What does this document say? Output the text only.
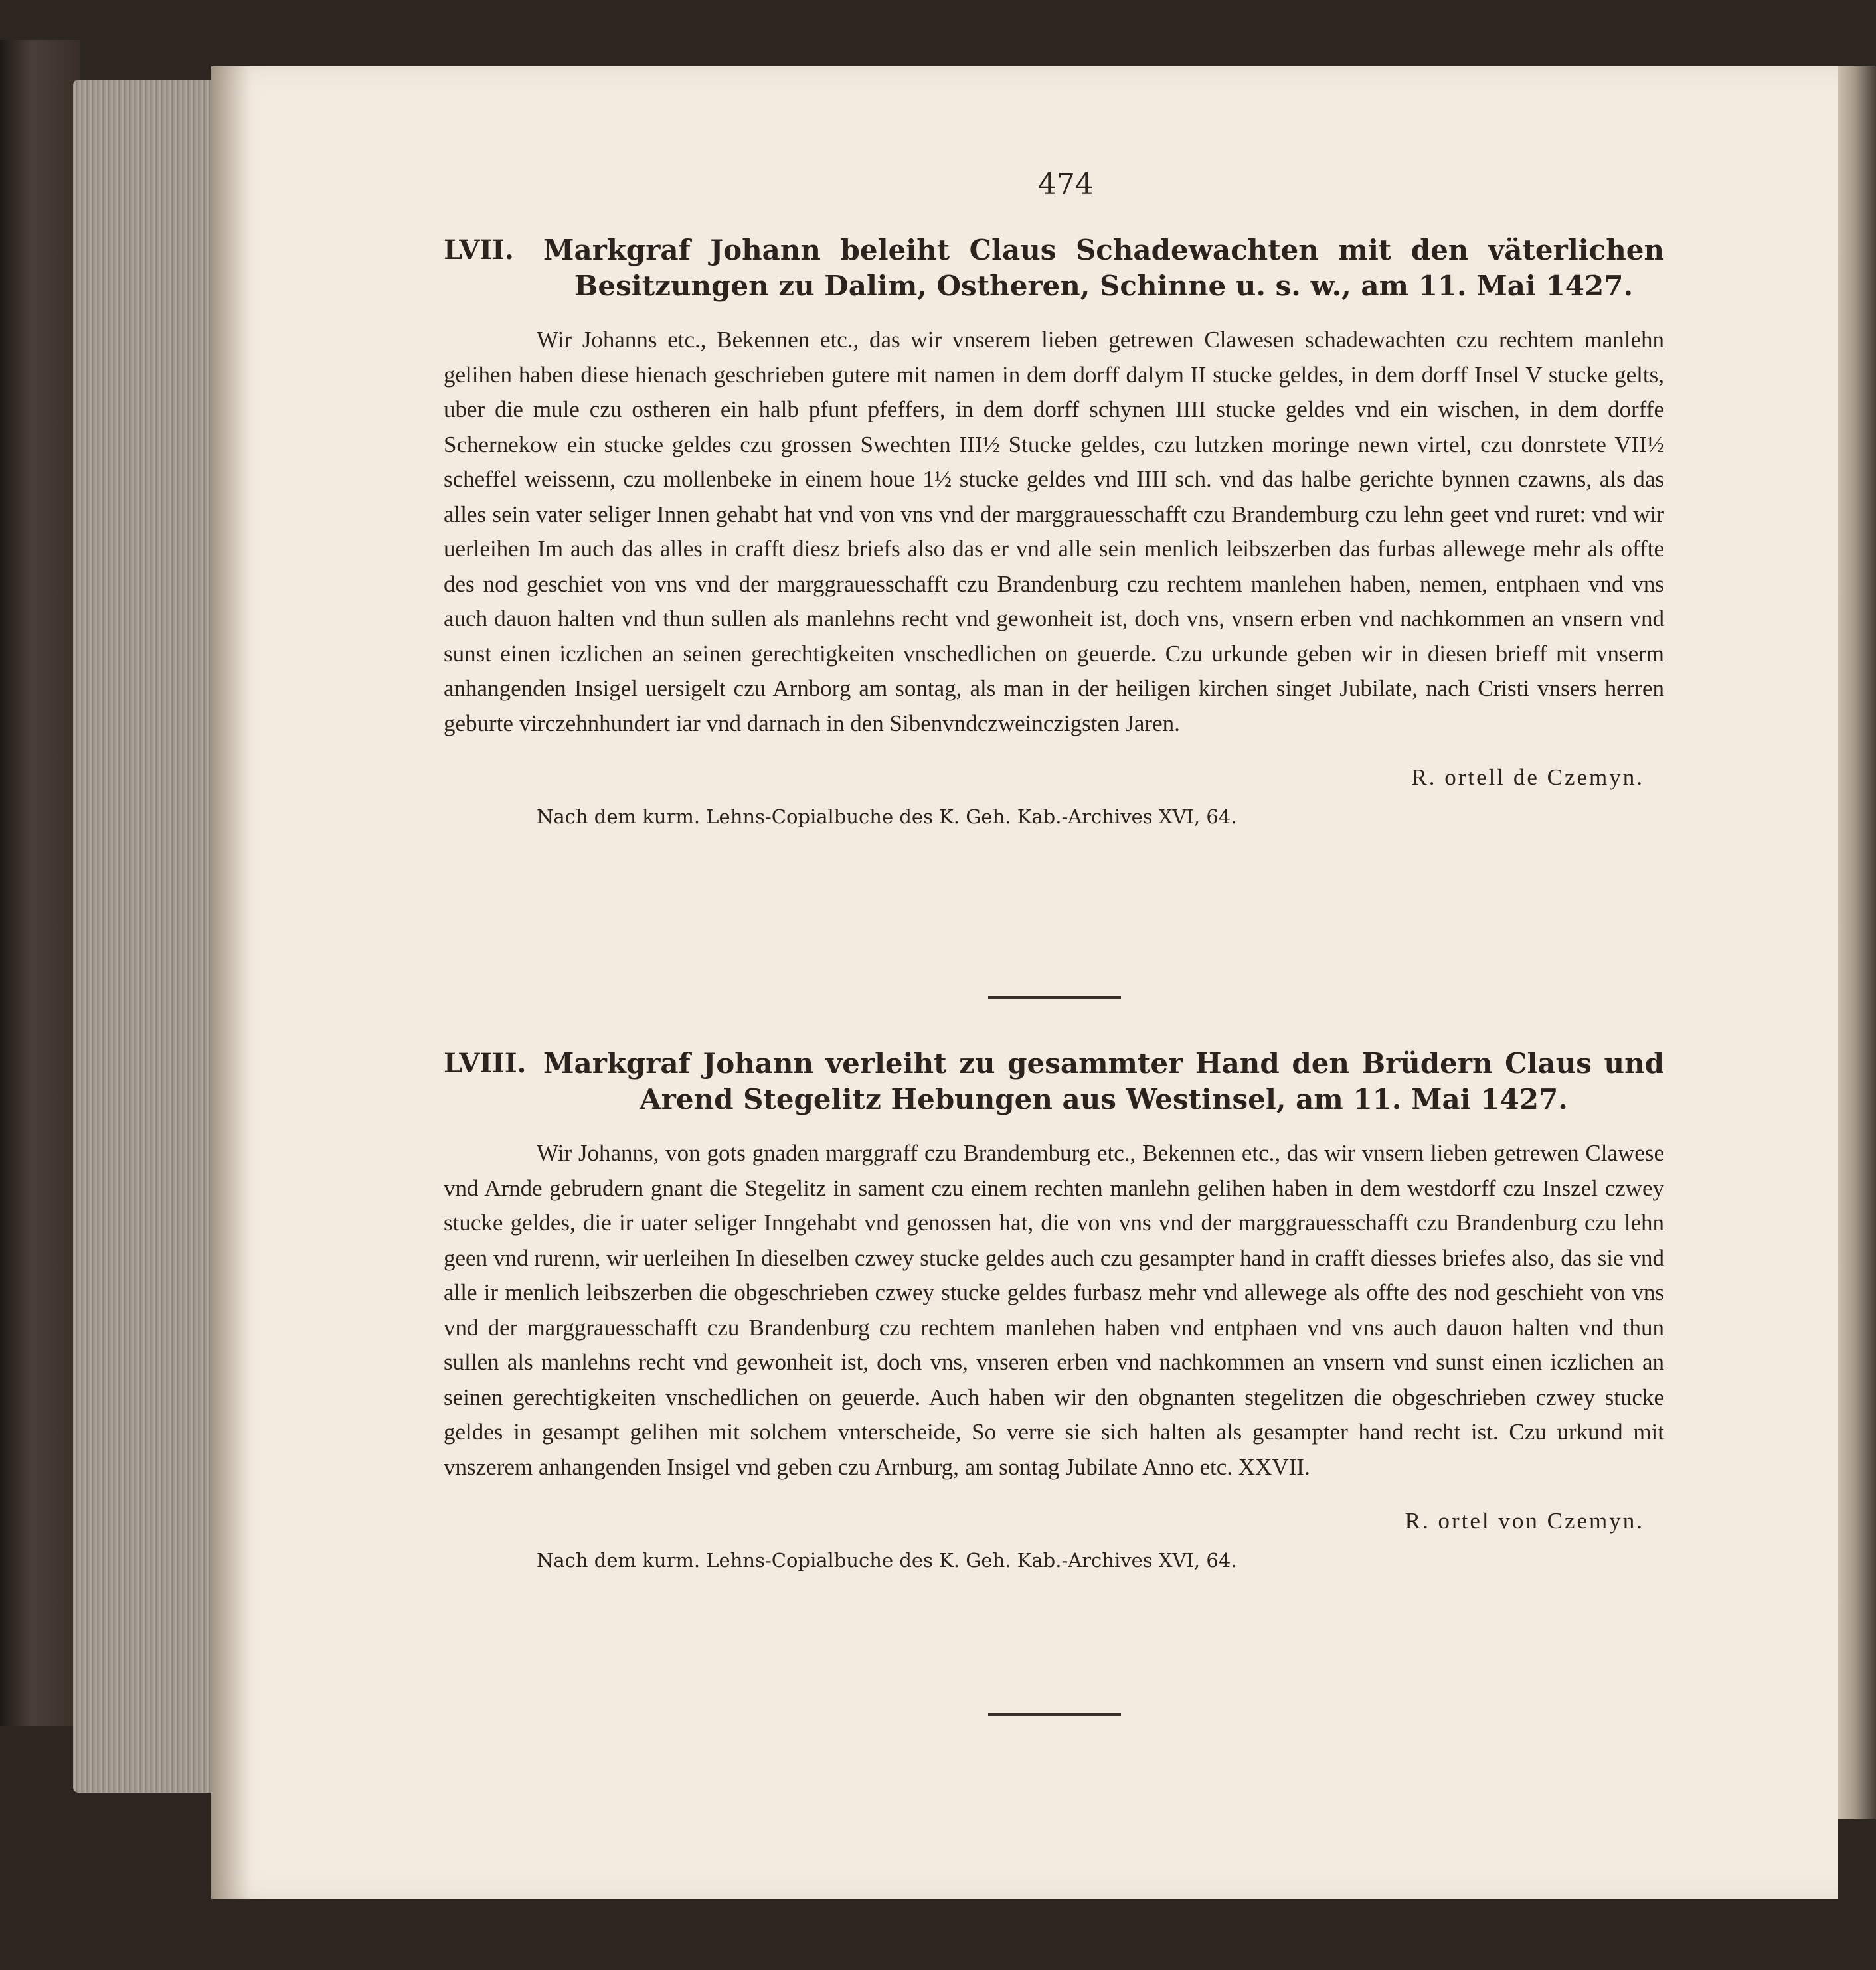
474
LVII.	Markgraf Johann beleiht Claus Schadewachten mit den väterlichen Besitzungen zu Dalim, Ostheren, Schinne u. s. w., am 11. Mai 1427.

Wir Johanns etc., Bekennen etc., das wir vnserem lieben getrewen Clawesen schadewachten czu rechtem manlehn gelihen haben diese hienach geschrieben gutere mit namen in dem dorff dalym II stucke geldes, in dem dorff Insel V stucke gelts, uber die mule czu ostheren ein halb pfunt pfeffers, in dem dorff schynen IIII stucke geldes vnd ein wischen, in dem dorffe Schernekow ein stucke geldes czu grossen Swechten III½ Stucke geldes, czu lutzken moringe newn virtel, czu donrstete VII½ scheffel weissenn, czu mollenbeke in einem houe 1½ stucke geldes vnd IIII sch. vnd das halbe gerichte bynnen czawns, als das alles sein vater seliger Innen gehabt hat vnd von vns vnd der marggrauesschafft czu Brandemburg czu lehn geet vnd ruret: vnd wir uerleihen Im auch das alles in crafft diesz briefs also das er vnd alle sein menlich leibszerben das furbas allewege mehr als offte des nod geschiet von vns vnd der marggrauesschafft czu Brandenburg czu rechtem manlehen haben, nemen, entphaen vnd vns auch dauon halten vnd thun sullen als manlehns recht vnd gewonheit ist, doch vns, vnsern erben vnd nachkommen an vnsern vnd sunst einen iczlichen an seinen gerechtigkeiten vnschedlichen on geuerde. Czu urkunde geben wir in diesen brieff mit vnserm anhangenden Insigel uersigelt czu Arnborg am sontag, als man in der heiligen kirchen singet Jubilate, nach Cristi vnsers herren geburte virczehnhundert iar vnd darnach in den Sibenvndczweinczigsten Jaren.

R. ortell de Czemyn.
Nach dem kurm. Lehns-Copialbuche des K. Geh. Kab.-Archives XVI, 64.
LVIII. Markgraf Johann verleiht zu gesammter Hand den Brüdern Claus und Arend Stegelitz Hebungen aus Westinsel, am 11. Mai 1427.

Wir Johanns, von gots gnaden marggraff czu Brandemburg etc., Bekennen etc., das wir vnsern lieben getrewen Clawese vnd Arnde gebrudern gnant die Stegelitz in sament czu einem rechten manlehn gelihen haben in dem westdorff czu Inszel czwey stucke geldes, die ir uater seliger Inngehabt vnd genossen hat, die von vns vnd der marggrauesschafft czu Brandenburg czu lehn geen vnd rurenn, wir uerleihen In dieselben czwey stucke geldes auch czu gesampter hand in crafft diesses briefes also, das sie vnd alle ir menlich leibszerben die obgeschrieben czwey stucke geldes furbasz mehr vnd allewege als offte des nod geschieht von vns vnd der marggrauesschafft czu Brandenburg czu rechtem manlehen haben vnd entphaen vnd vns auch dauon halten vnd thun sullen als manlehns recht vnd gewonheit ist, doch vns, vnseren erben vnd nachkommen an vnsern vnd sunst einen iczlichen an seinen gerechtigkeiten vnschedlichen on geuerde. Auch haben wir den obgnanten stegelitzen die obgeschrieben czwey stucke geldes in gesampt gelihen mit solchem vnterscheide, So verre sie sich halten als gesampter hand recht ist. Czu urkund mit vnszerem anhangenden Insigel vnd geben czu Arnburg, am sontag Jubilate Anno etc. XXVII.

R. ortel von Czemyn.
Nach dem kurm. Lehns-Copialbuche des K. Geh. Kab.-Archives XVI, 64.
